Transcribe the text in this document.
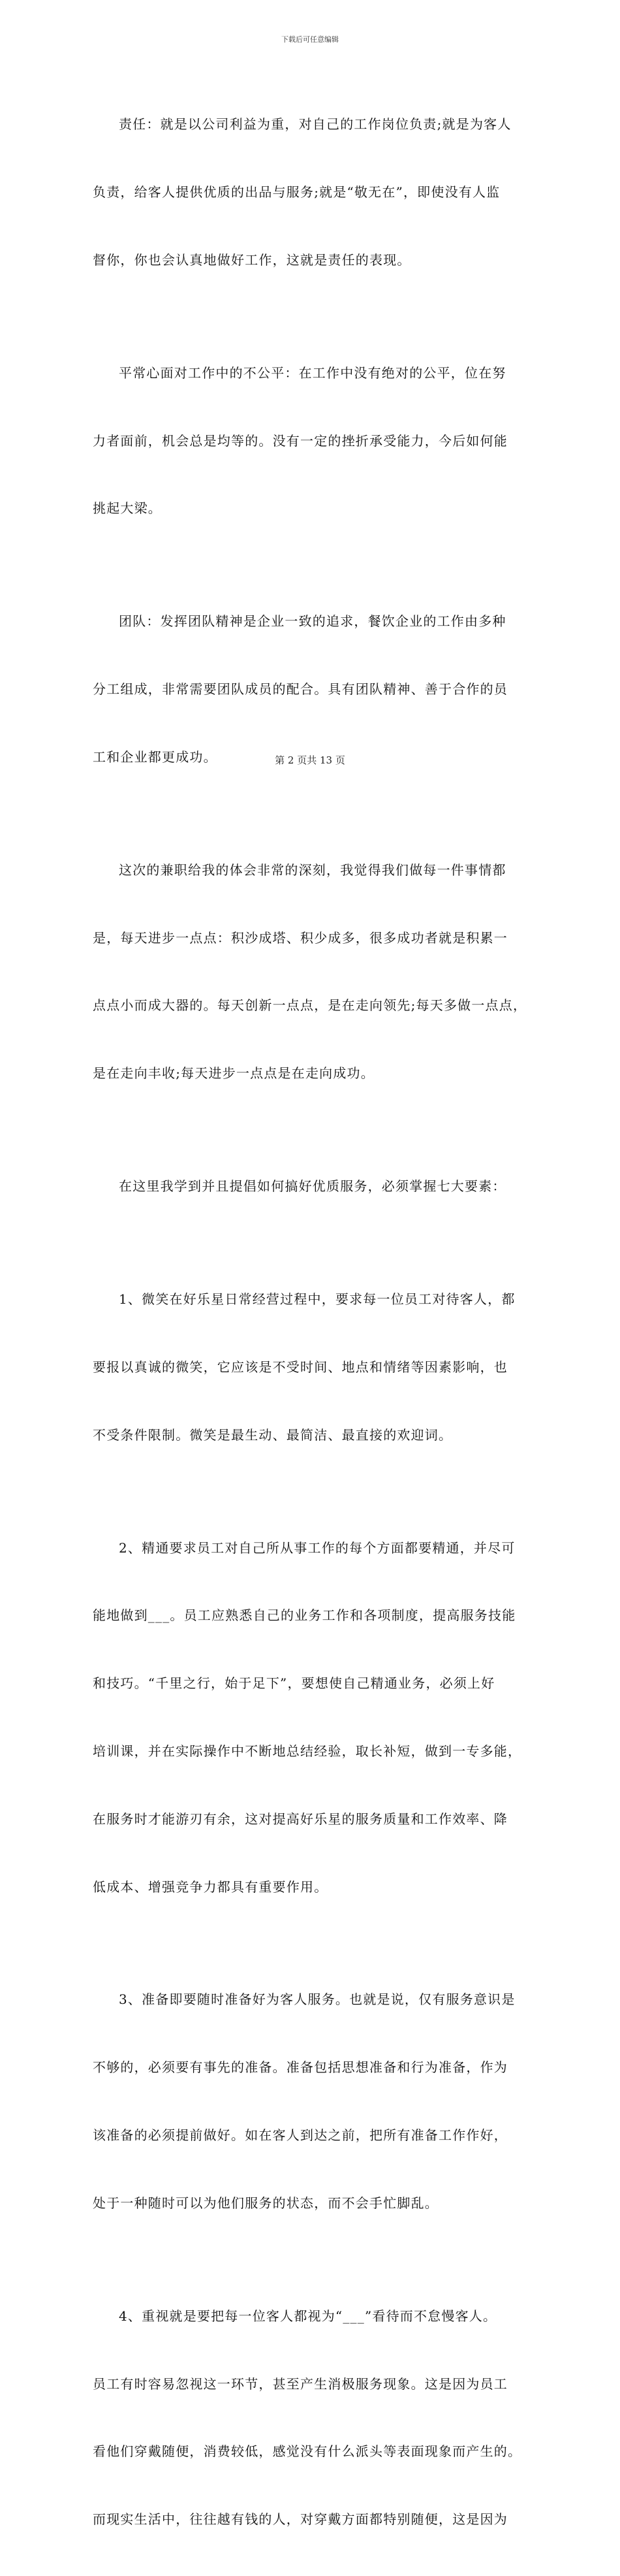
下载后可任意编辑

责任：就是以公司利益为重，对自己的工作岗位负责;就是为客人

负责，给客人提供优质的出品与服务;就是“敬无在”，即使没有人监

督你，你也会认真地做好工作，这就是责任的表现。

平常心面对工作中的不公平：在工作中没有绝对的公平，位在努

力者面前，机会总是均等的。没有一定的挫折承受能力，今后如何能

挑起大梁。

团队：发挥团队精神是企业一致的追求，餐饮企业的工作由多种

分工组成，非常需要团队成员的配合。具有团队精神、善于合作的员

工和企业都更成功。

这次的兼职给我的体会非常的深刻，我觉得我们做每一件事情都

是，每天进步一点点：积沙成塔、积少成多，很多成功者就是积累一

点点小而成大器的。每天创新一点点，是在走向领先;每天多做一点点，

是在走向丰收;每天进步一点点是在走向成功。

在这里我学到并且提倡如何搞好优质服务，必须掌握七大要素：

1、微笑在好乐星日常经营过程中，要求每一位员工对待客人，都

要报以真诚的微笑，它应该是不受时间、地点和情绪等因素影响，也

不受条件限制。微笑是最生动、最简洁、最直接的欢迎词。

2、精通要求员工对自己所从事工作的每个方面都要精通，并尽可

能地做到___。员工应熟悉自己的业务工作和各项制度，提高服务技能

和技巧。“千里之行，始于足下”，要想使自己精通业务，必须上好

培训课，并在实际操作中不断地总结经验，取长补短，做到一专多能，

在服务时才能游刃有余，这对提高好乐星的服务质量和工作效率、降

低成本、增强竞争力都具有重要作用。

3、准备即要随时准备好为客人服务。也就是说，仅有服务意识是

不够的，必须要有事先的准备。准备包括思想准备和行为准备，作为

该准备的必须提前做好。如在客人到达之前，把所有准备工作作好，

处于一种随时可以为他们服务的状态，而不会手忙脚乱。

4、重视就是要把每一位客人都视为“___”看待而不怠慢客人。

员工有时容易忽视这一环节，甚至产生消极服务现象。这是因为员工

看他们穿戴随便，消费较低，感觉没有什么派头等表面现象而产生的。

而现实生活中，往往越有钱的人，对穿戴方面都特别随便，这是因为

第 2 页共 13 页
